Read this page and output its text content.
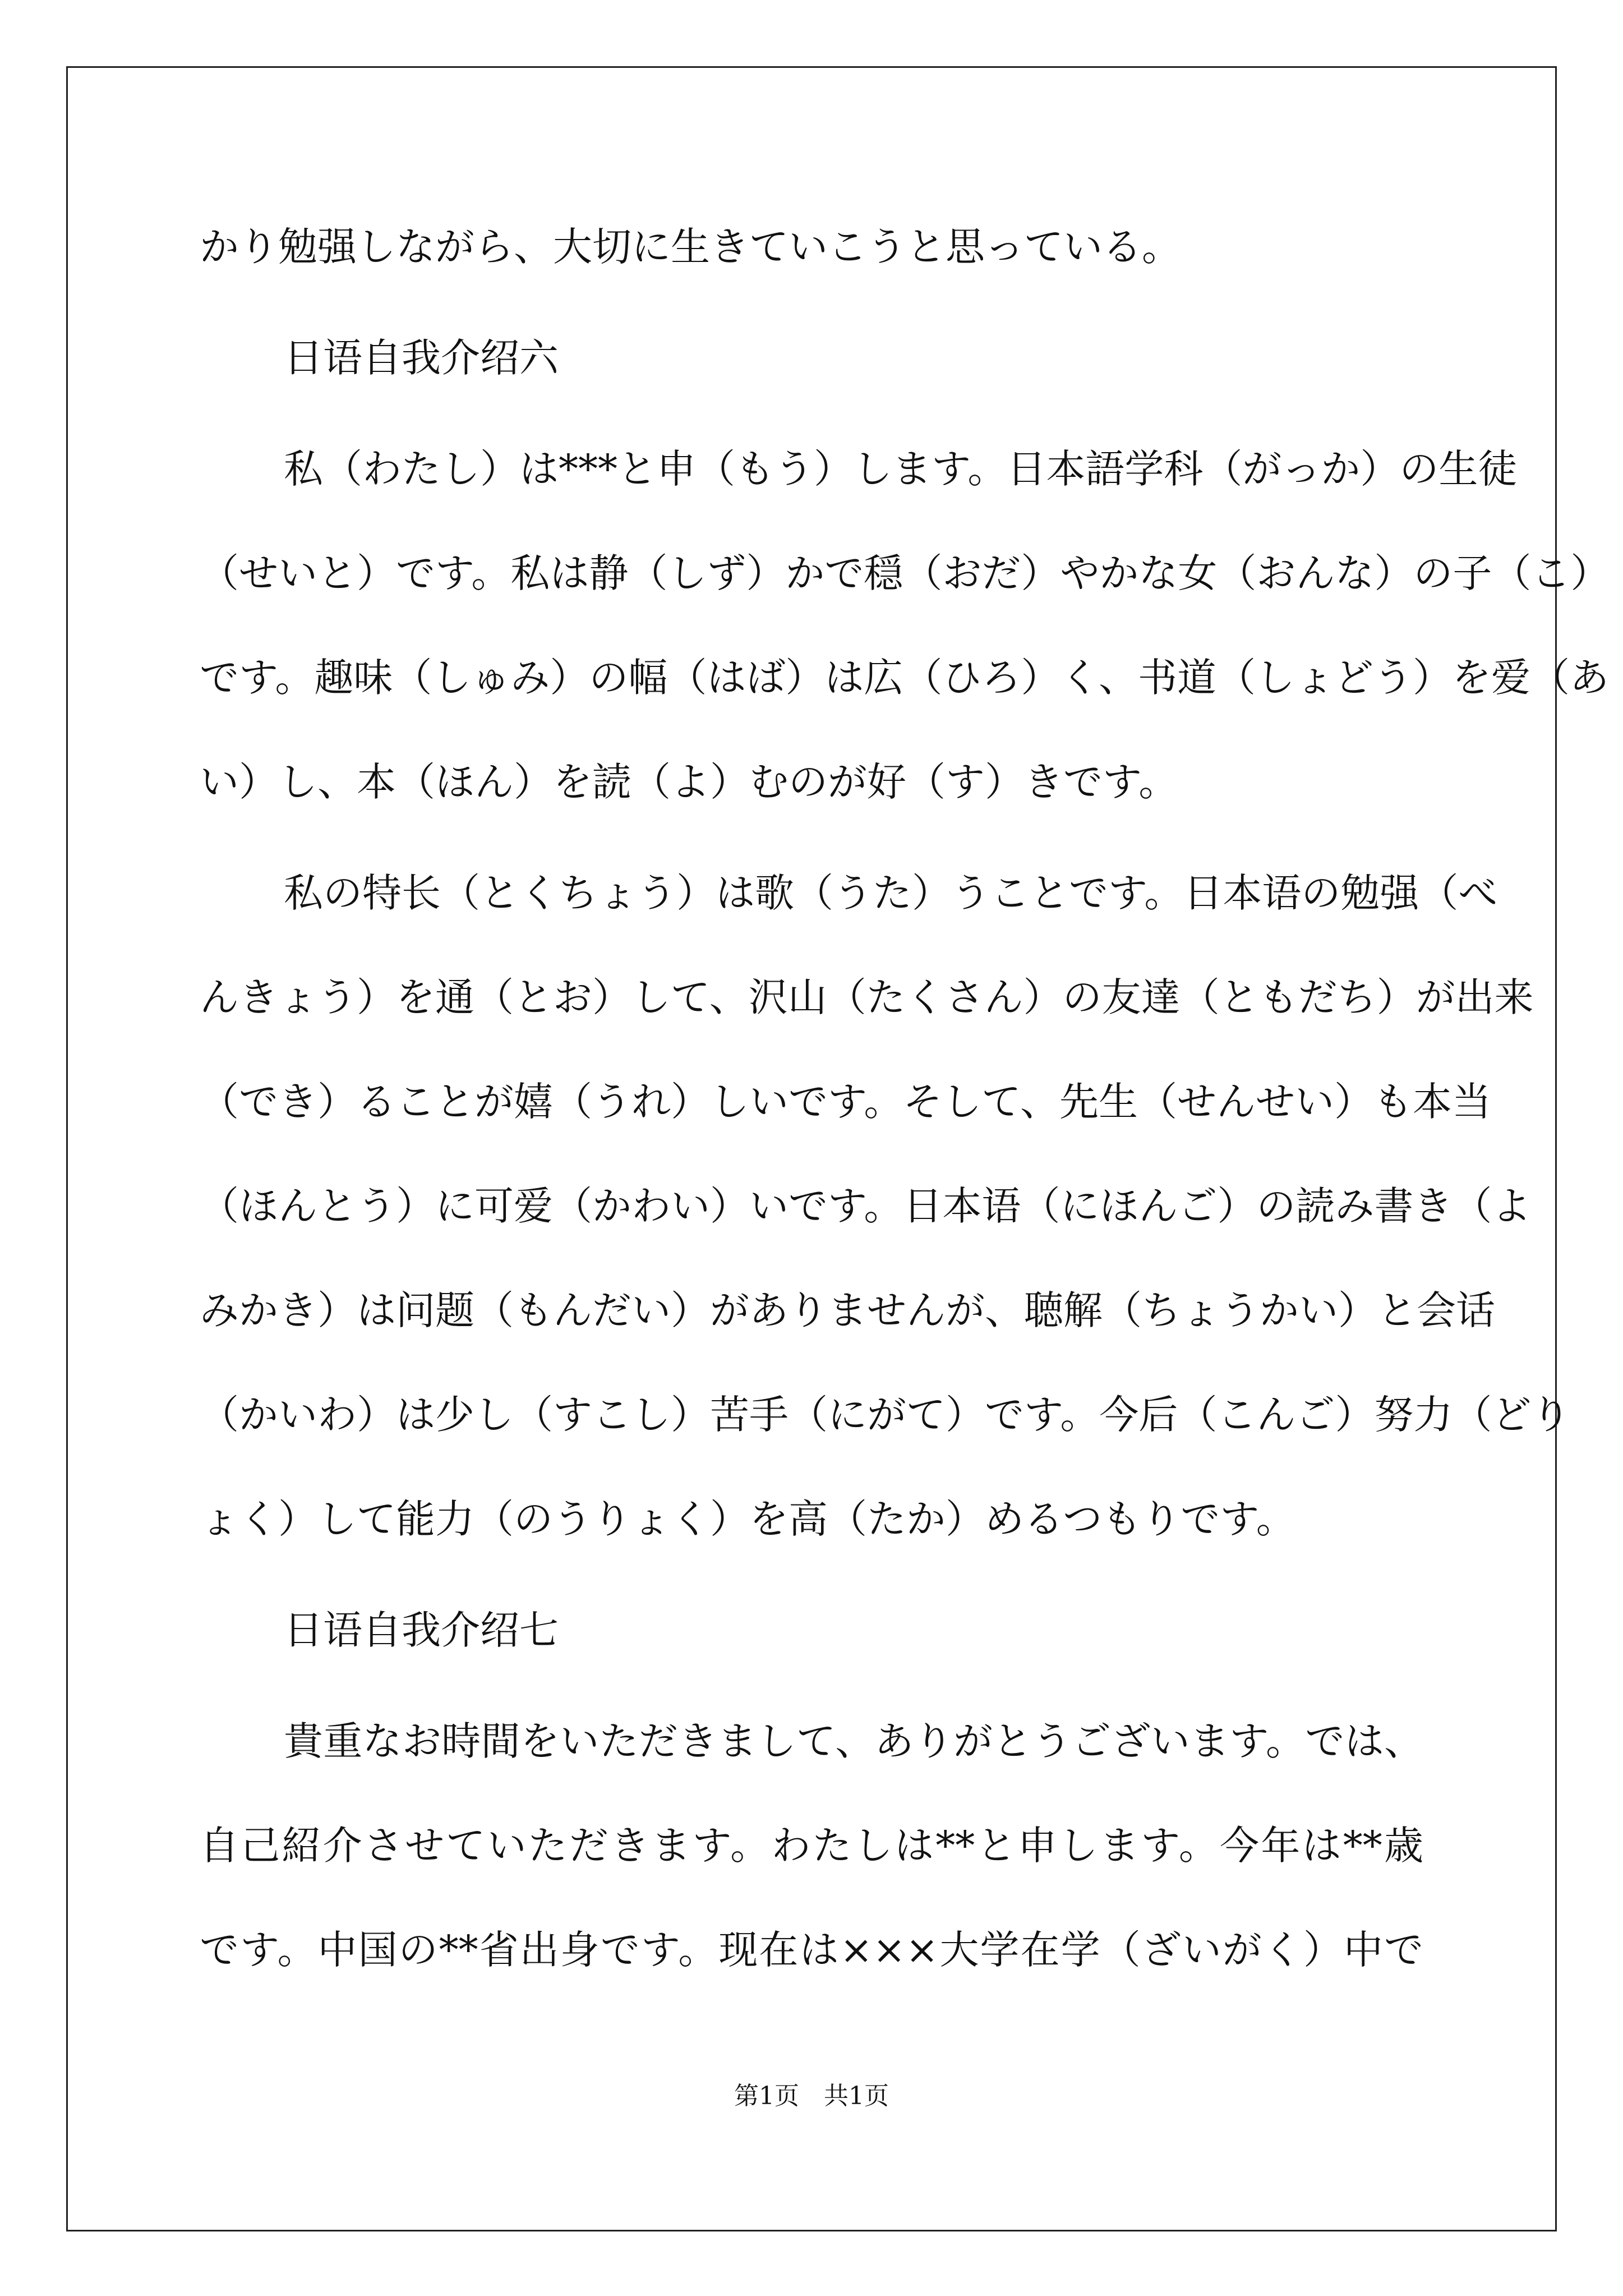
かり勉强しながら、大切に生きていこうと思っている。
日语自我介绍六
私（わたし）は***と申（もう）します。日本語学科（がっか）の生徒
（せいと）です。私は静（しず）かで穏（おだ）やかな女（おんな）の子（こ）
です。趣味（しゅみ）の幅（はば）は広（ひろ）く、书道（しょどう）を爱（あ
い）し、本（ほん）を読（よ）むのが好（す）きです。
私の特长（とくちょう）は歌（うた）うことです。日本语の勉强（べ
んきょう）を通（とお）して、沢山（たくさん）の友達（ともだち）が出来
（でき）ることが嬉（うれ）しいです。そして、先生（せんせい）も本当
（ほんとう）に可爱（かわい）いです。日本语（にほんご）の読み書き（よ
みかき）は问题（もんだい）がありませんが、聴解（ちょうかい）と会话
（かいわ）は少し（すこし）苦手（にがて）です。今后（こんご）努力（どり
ょく）して能力（のうりょく）を高（たか）めるつもりです。
日语自我介绍七
貴重なお時間をいただきまして、ありがとうございます。では、
自己紹介させていただきます。わたしは**と申します。今年は**歳
です。中国の**省出身です。现在は×××大学在学（ざいがく）中で
第1页　共1页
